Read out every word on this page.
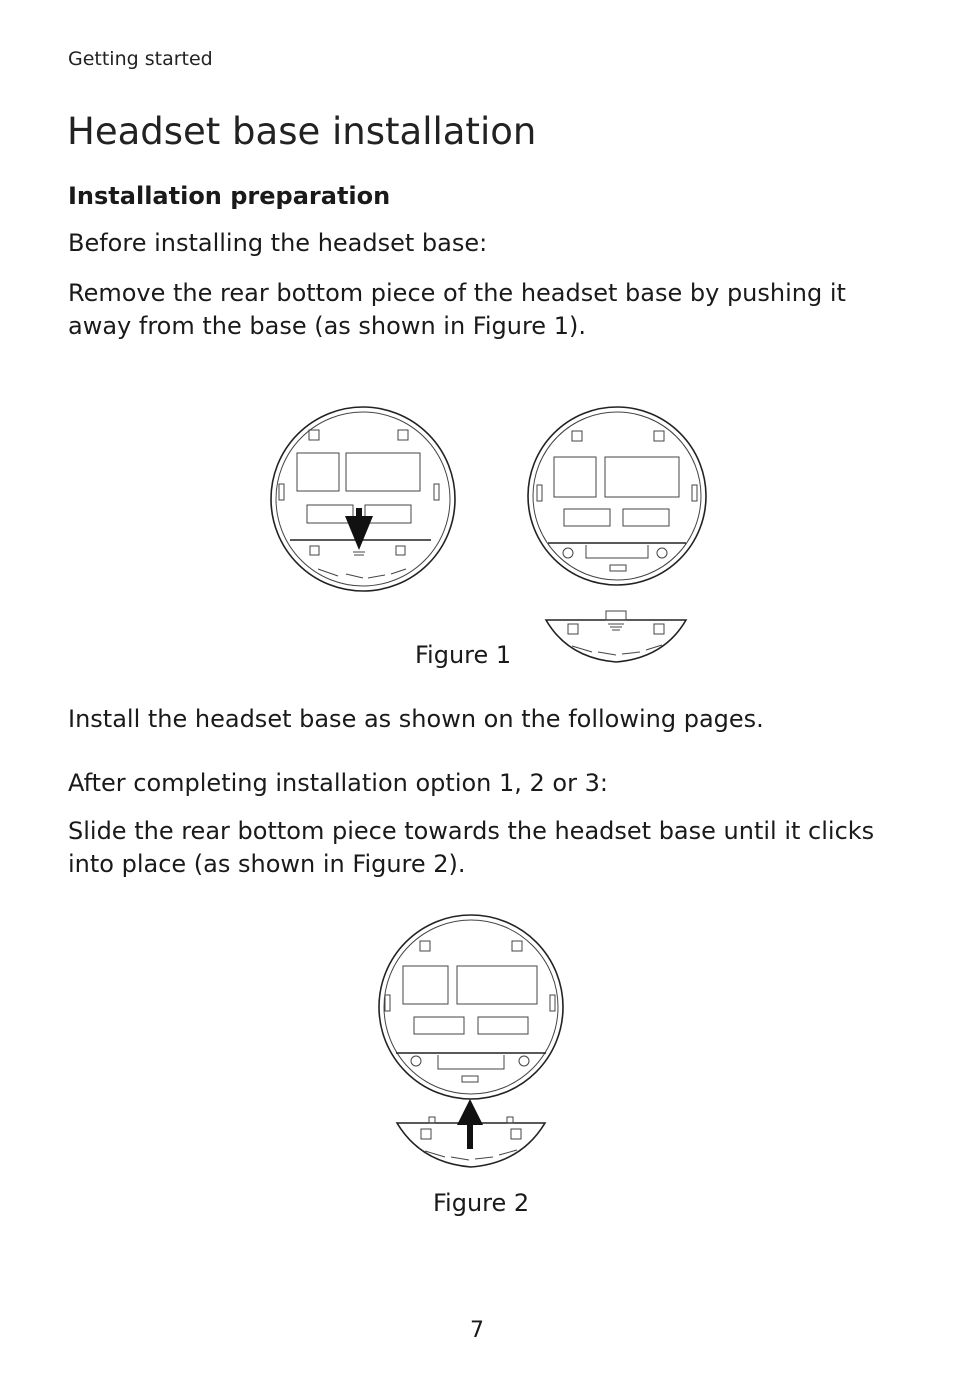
Getting started
Headset base installation
Installation preparation

Before installing the headset base:

Remove the rear bottom piece of the headset base by pushing it away from the base (as shown in Figure 1).

Figure 1

Install the headset base as shown on the following pages.

After completing installation option 1, 2 or 3:

Slide the rear bottom piece towards the headset base until it clicks into place (as shown in Figure 2).

Figure 2
7
